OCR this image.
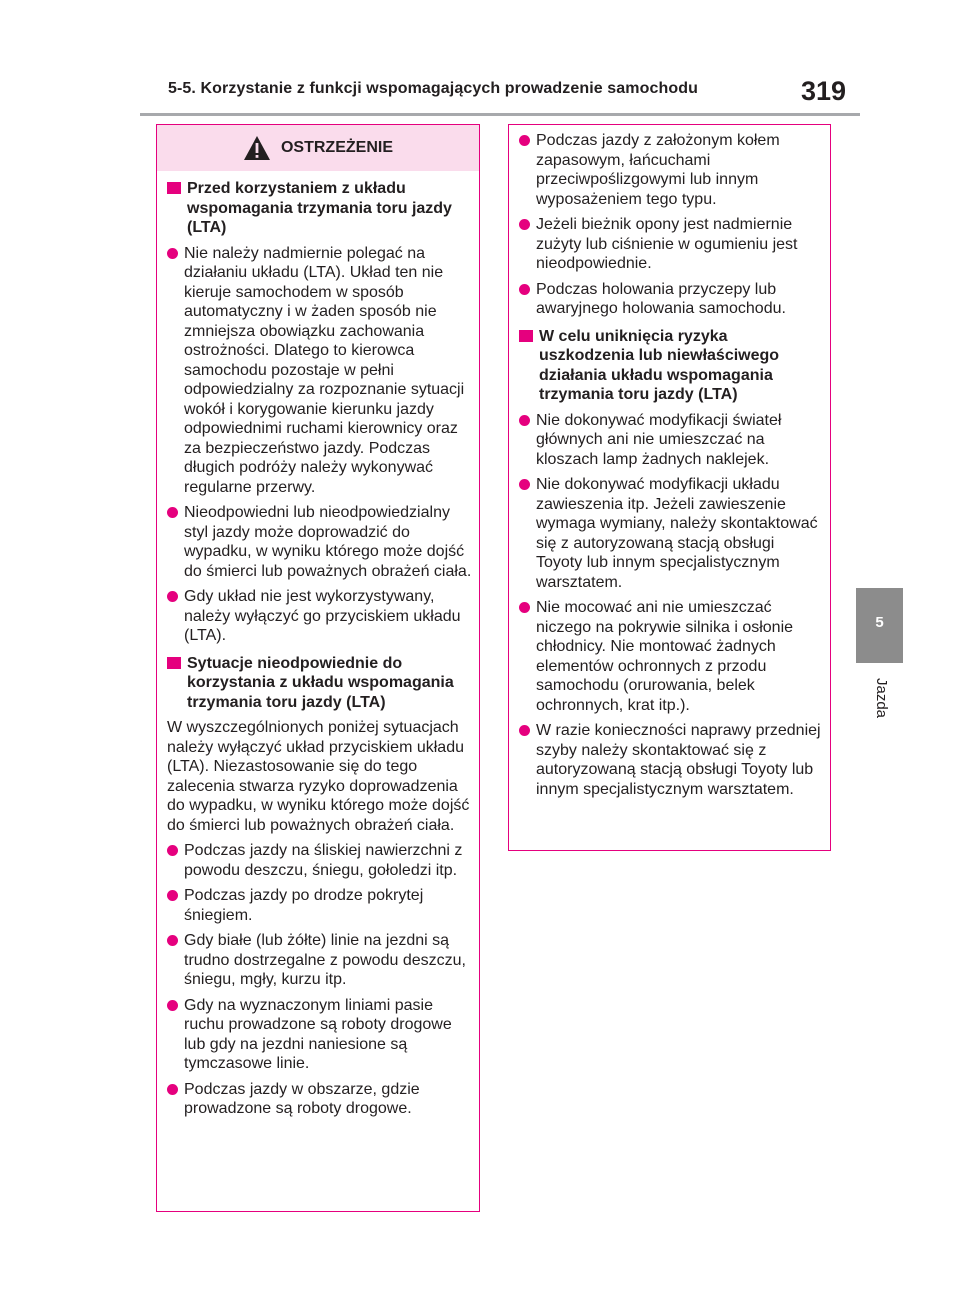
5-5. Korzystanie z funkcji wspomagających prowadzenie samochodu	319
5
Jazda
OSTRZEŻENIE
Przed korzystaniem z układu wspomagania trzymania toru jazdy (LTA)
Nie należy nadmiernie polegać na działaniu układu (LTA). Układ ten nie kieruje samochodem w sposób automatyczny i w żaden sposób nie zmniejsza obowiązku zachowania ostrożności. Dlatego to kierowca samochodu pozostaje w pełni odpowiedzialny za rozpoznanie sytuacji wokół i korygowanie kierunku jazdy odpowiednimi ruchami kierownicy oraz za bezpieczeństwo jazdy. Podczas długich podróży należy wykonywać regularne przerwy.
Nieodpowiedni lub nieodpowiedzialny styl jazdy może doprowadzić do wypadku, w wyniku którego może dojść do śmierci lub poważnych obrażeń ciała.
Gdy układ nie jest wykorzystywany, należy wyłączyć go przyciskiem układu (LTA).
Sytuacje nieodpowiednie do korzystania z układu wspomagania trzymania toru jazdy (LTA)
W wyszczególnionych poniżej sytuacjach należy wyłączyć układ przyciskiem układu (LTA). Niezastosowanie się do tego zalecenia stwarza ryzyko doprowadzenia do wypadku, w wyniku którego może dojść do śmierci lub poważnych obrażeń ciała.
Podczas jazdy na śliskiej nawierzchni z powodu deszczu, śniegu, gołoledzi itp.
Podczas jazdy po drodze pokrytej śniegiem.
Gdy białe (lub żółte) linie na jezdni są trudno dostrzegalne z powodu deszczu, śniegu, mgły, kurzu itp.
Gdy na wyznaczonym liniami pasie ruchu prowadzone są roboty drogowe lub gdy na jezdni naniesione są tymczasowe linie.
Podczas jazdy w obszarze, gdzie prowadzone są roboty drogowe.
Podczas jazdy z założonym kołem zapasowym, łańcuchami przeciwpoślizgowymi lub innym wyposażeniem tego typu.
Jeżeli bieżnik opony jest nadmiernie zużyty lub ciśnienie w ogumieniu jest nieodpowiednie.
Podczas holowania przyczepy lub awaryjnego holowania samochodu.
W celu uniknięcia ryzyka uszkodzenia lub niewłaściwego działania układu wspomagania trzymania toru jazdy (LTA)
Nie dokonywać modyfikacji świateł głównych ani nie umieszczać na kloszach lamp żadnych naklejek.
Nie dokonywać modyfikacji układu zawieszenia itp. Jeżeli zawieszenie wymaga wymiany, należy skontaktować się z autoryzowaną stacją obsługi Toyoty lub innym specjalistycznym warsztatem.
Nie mocować ani nie umieszczać niczego na pokrywie silnika i osłonie chłodnicy. Nie montować żadnych elementów ochronnych z przodu samochodu (orurowania, belek ochronnych, krat itp.).
W razie konieczności naprawy przedniej szyby należy skontaktować się z autoryzowaną stacją obsługi Toyoty lub innym specjalistycznym warsztatem.
